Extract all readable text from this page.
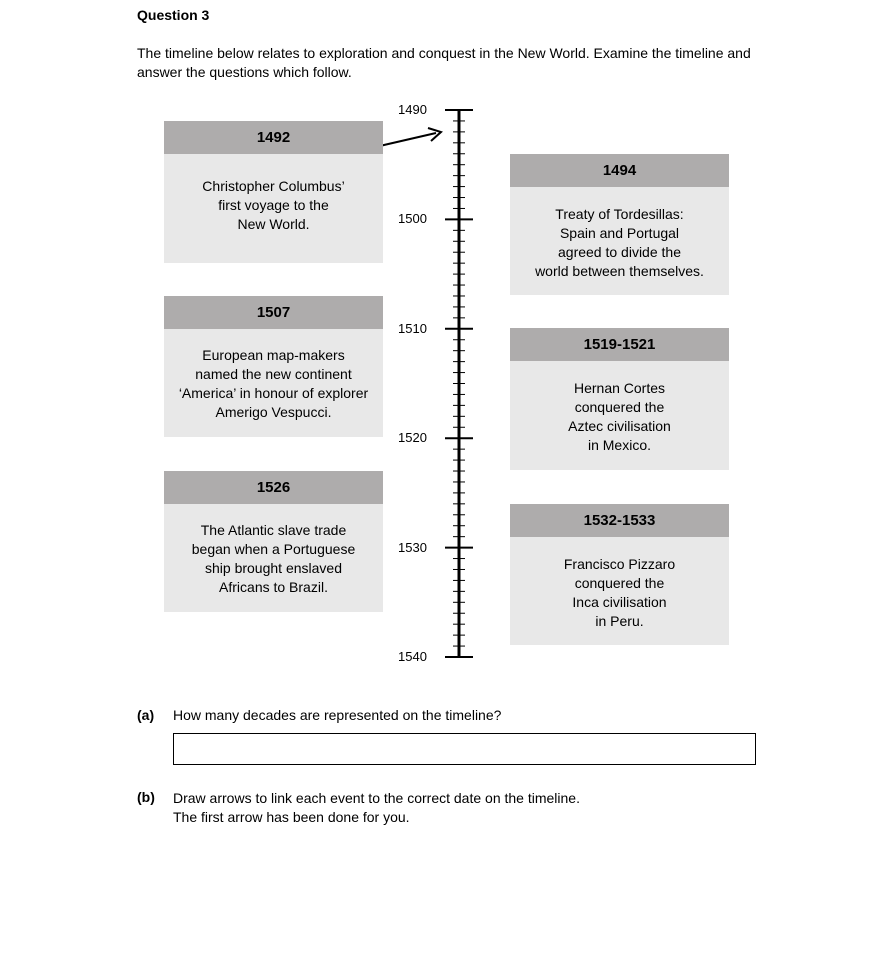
Question 3
The timeline below relates to exploration and conquest in the New World. Examine the timeline and answer the questions which follow.
1490
1500
1510
1520
1530
1540
1492
Christopher Columbus’
first voyage to the
New World.
1507
European map-makers
named the new continent
‘America’ in honour of explorer
Amerigo Vespucci.
1526
The Atlantic slave trade
began when a Portuguese
ship brought enslaved
Africans to Brazil.
1494
Treaty of Tordesillas:
Spain and Portugal
agreed to divide the
world between themselves.
1519-1521
Hernan Cortes
conquered the
Aztec civilisation
in Mexico.
1532-1533
Francisco Pizzaro
conquered the
Inca civilisation
in Peru.
(a) How many decades are represented on the timeline?
(b) Draw arrows to link each event to the correct date on the timeline.
The first arrow has been done for you.
